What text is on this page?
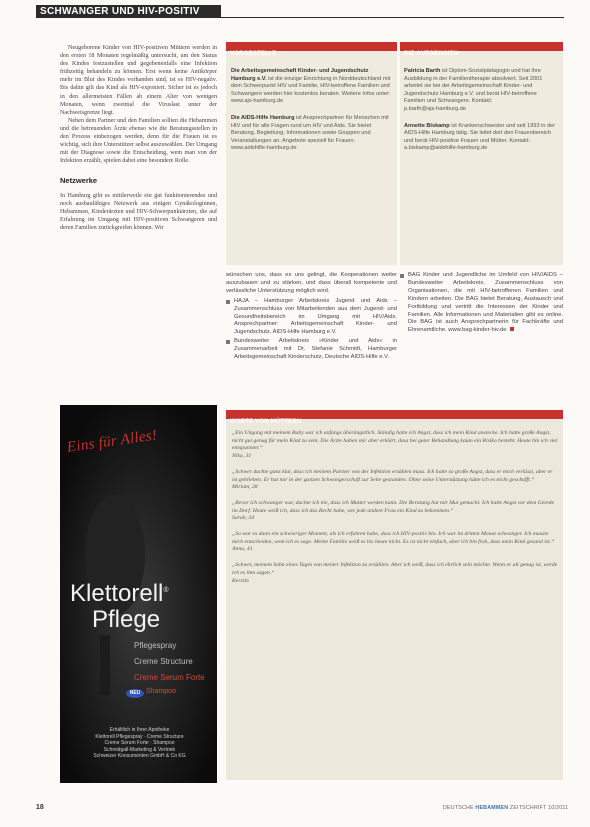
SCHWANGER UND HIV-POSITIV

Neugeborene Kinder von HIV-positiven Müttern werden in den ersten 18 Monaten regelmäßig untersucht, um den Status des Kindes festzustellen und gegebenenfalls eine Infektion frühzeitig behandeln zu können. Erst wenn keine Antikörper mehr im Blut des Kindes vorhanden sind, ist es HIV-negativ. Bis dahin gilt das Kind als HIV-exponiert. Sicher ist es jedoch in den allermeisten Fällen ab einem Alter von wenigen Monaten, wenn zweimal die Viruslast unter der Nachweisgrenze liegt.

Neben dem Partner und den Familien sollten die Hebammen und die betreuenden Ärzte ebenso wie die Beratungsstellen in den Prozess einbezogen werden, denn für die Frauen ist es wichtig, sich ihre Unterstützer selbst auszuwählen. Der Umgang mit der Diagnose sowie die Entscheidung, wem man von der Infektion erzählt, spielen dabei eine besondere Rolle.

Netzwerke

In Hamburg gibt es mittlerweile ein gut funktionierendes und noch ausbaufähiges Netzwerk aus einigen Gynäkologinnen, Hebammen, Kinderärzten und HIV-Schwerpunktärzten, die auf Erfahrung im Umgang mit HIV-positiven Schwangeren und deren Familien zurückgreifen können. Wir

VORGESTELLT
Die Arbeitsgemeinschaft Kinder- und Jugendschutz Hamburg e.V. ist die einzige Einrichtung in Norddeutschland mit dem Schwerpunkt HIV und Familie, HIV-betroffene Familien und Schwangere werden hier kostenlos beraten. Weitere Infos unter:
www.ajs-hamburg.de
Die AIDS-Hilfe Hamburg ist Ansprechpartner für Menschen mit HIV und für alle Fragen rund um HIV und Aids. Sie bietet Beratung, Begleitung, Informationen sowie Gruppen und Veranstaltungen an. Angebote speziell für Frauen:
www.aidshilfe-hamburg.de
DIE AUTORINNEN
Patricia Barth ist Diplom-Sozialpädagogin und hat ihre Ausbildung in der Familientherapie absolviert. Seit 2001 arbeitet sie bei der Arbeitsgemeinschaft Kinder- und Jugendschutz Hamburg e.V. und berät HIV-betroffene Familien und Schwangere. Kontakt:
p.barth@ajs-hamburg.de
Annette Biskamp ist Krankenschwester und seit 1993 in der AIDS-Hilfe Hamburg tätig. Sie leitet dort den Frauenbereich und berät HIV-positive Frauen und Mütter. Kontakt:
a.biskamp@aidshilfe-hamburg.de

wünschen uns, dass es uns gelingt, die Kooperationen weiter auszubauen und zu stärken, und dass überall kompetente und verlässliche Unterstützung möglich wird.

HAJA – Hamburger Arbeitskreis Jugend und Aids – Zusammenschluss von Mitarbeitenden aus dem Jugend- und Gesundheitsbereich im Umgang mit HIV/Aids. Ansprechpartner: Arbeitsgemeinschaft Kinder- und Jugendschutz, AIDS-Hilfe Hamburg e.V.
Bundesweiter Arbeitskreis »Kinder und Aids« in Zusammenarbeit mit Dr. Stefanie Schmidt, Hamburger Arbeitsgemeinschaft Kinderschutz, Deutsche AIDS-Hilfe e.V.
BAG Kinder und Jugendliche im Umfeld von HIV/AIDS – Bundesweiter Arbeitskreis, Zusammenschluss von Organisationen, die mit HIV-betroffenen Familien und Kindern arbeiten. Die BAG bietet Beratung, Austausch und Fortbildung und vertritt die Interessen der Kinder und Familien. Alle Informationen und Materialien gibt es online. Die BAG ist auch Ansprechpartnerin für Fachkräfte und Ehrenamtliche. www.bag-kinder-hiv.de
WORTE VON MÜTTERN
„Ein Ungang mit meinem Baby war ich anfangs überängstlich. Ständig hatte ich Angst, dass ich mein Kind anstecke. Ich hatte große Angst, nicht gut genug für mein Kind zu sein. Die Ärzte haben mir aber erklärt, dass bei guter Behandlung kaum ein Risiko besteht. Heute bin ich viel entspannter.“
Nika, 31
„Schwer dachte ganz klar, dass ich meinem Partner von der Infektion erzählen muss. Ich hatte so große Angst, dass er mich verlässt, aber er ist geblieben. Er hat mir in der ganzen Schwangerschaft zur Seite gestanden. Ohne seine Unterstützung hätte ich es nicht geschafft.“
Miriam, 28
„Bevor ich schwanger war, dachte ich nie, dass ich Mutter werden kann. Die Beratung hat mir Mut gemacht. Ich hatte Angst vor dem Gerede im Dorf. Heute weiß ich, dass ich das Recht habe, wie jede andere Frau ein Kind zu bekommen.“
Sarah, 34
„So war es dann ein schwieriger Moment, als ich erfahren habe, dass ich HIV-positiv bin. Ich war im dritten Monat schwanger. Ich musste mich entscheiden, wem ich es sage. Meine Familie weiß es bis heute nicht. Es ist nicht einfach, aber ich bin froh, dass mein Kind gesund ist.“
Anna, 41
„Schwer, meinem Sohn eines Tages von meiner Infektion zu erzählen. Aber ich weiß, dass ich ehrlich sein möchte. Wenn er alt genug ist, werde ich es ihm sagen.“
Kerstin
Eins für Alles!
Klettorell®
Pflege
Pflegespray
Creme Structure
Creme Serum Forte
NEU Shampoo
Erhältlich in Ihrer Apotheke
Klettorell Pflegespray · Creme Structure
Creme Serum Forte · Shampoo
Schmidgall-Marketing & Vertrieb
Schweizer Konsumenten GmbH & Co KG
18	DEUTSCHE HEBAMMEN ZEITSCHRIFT 10/2011
